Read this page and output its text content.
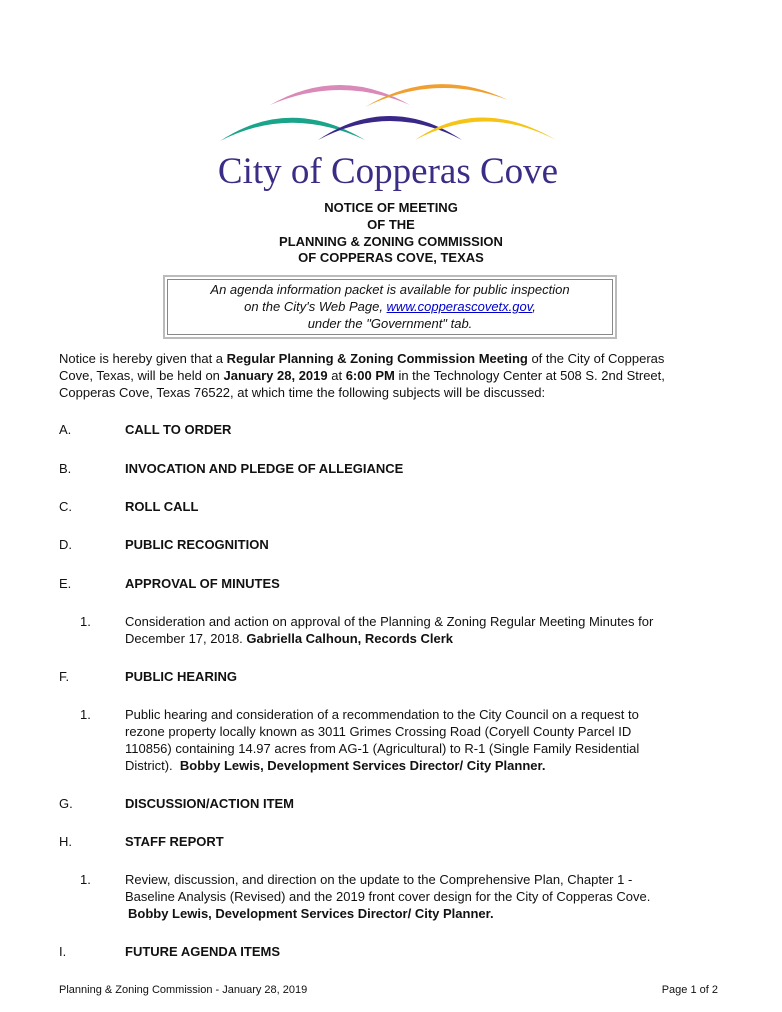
City of Copperas Cove
NOTICE OF MEETING
OF THE
PLANNING & ZONING COMMISSION
OF COPPERAS COVE, TEXAS
An agenda information packet is available for public inspection
on the City's Web Page, www.copperascovetx.gov,
under the "Government" tab.
Notice is hereby given that a Regular Planning & Zoning Commission Meeting of the City of Copperas
Cove, Texas, will be held on January 28, 2019 at 6:00 PM in the Technology Center at 508 S. 2nd Street,
Copperas Cove, Texas 76522, at which time the following subjects will be discussed:
A.	CALL TO ORDER
B.	INVOCATION AND PLEDGE OF ALLEGIANCE
C.	ROLL CALL
D.	PUBLIC RECOGNITION
E.	APPROVAL OF MINUTES
1.	Consideration and action on approval of the Planning & Zoning Regular Meeting Minutes for
December 17, 2018. Gabriella Calhoun, Records Clerk
F.	PUBLIC HEARING
1.	Public hearing and consideration of a recommendation to the City Council on a request to
rezone property locally known as 3011 Grimes Crossing Road (Coryell County Parcel ID
110856) containing 14.97 acres from AG-1 (Agricultural) to R-1 (Single Family Residential
District).  Bobby Lewis, Development Services Director/ City Planner.
G.	DISCUSSION/ACTION ITEM
H.	STAFF REPORT
1.	Review, discussion, and direction on the update to the Comprehensive Plan, Chapter 1 -
Baseline Analysis (Revised) and the 2019 front cover design for the City of Copperas Cove.
Bobby Lewis, Development Services Director/ City Planner.
I.	FUTURE AGENDA ITEMS
Planning & Zoning Commission - January 28, 2019	Page 1 of 2
